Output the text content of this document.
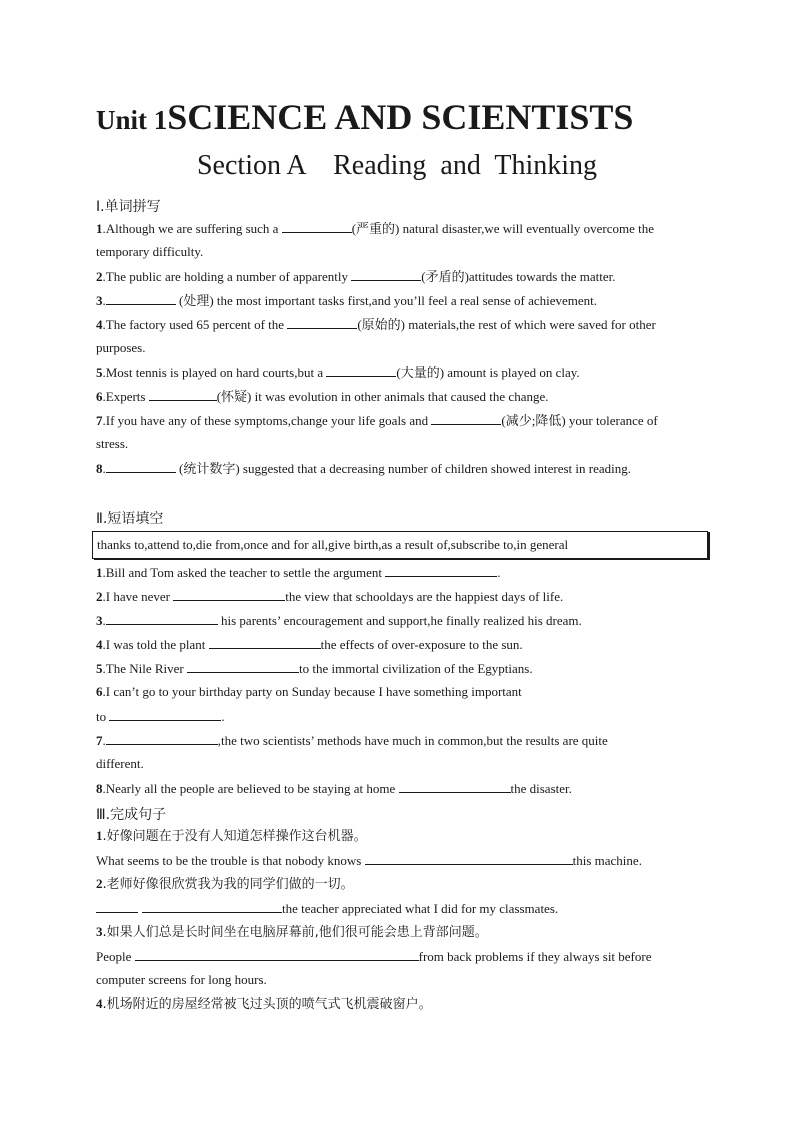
Unit 1SCIENCE AND SCIENTISTS
Section A    Reading  and  Thinking
Ⅰ.单词拼写
1.Although we are suffering such a	(严重的) natural disaster,we will eventually overcome the
temporary difficulty.
2.The public are holding a number of apparently	(矛盾的)attitudes towards the matter.
3.	(处理) the most important tasks first,and you’ll feel a real sense of achievement.
4.The factory used 65 percent of the	(原始的) materials,the rest of which were saved for other
purposes.
5.Most tennis is played on hard courts,but a	(大量的) amount is played on clay.
6.Experts	(怀疑) it was evolution in other animals that caused the change.
7.If you have any of these symptoms,change your life goals and	(减少;降低) your tolerance of
stress.
8.	(统计数字) suggested that a decreasing number of children showed interest in reading.
Ⅱ.短语填空
thanks to,attend to,die from,once and for all,give birth,as a result of,subscribe to,in general
1.Bill and Tom asked the teacher to settle the argument	.
2.I have never	the view that schooldays are the happiest days of life.
3.	his parents’ encouragement and support,he finally realized his dream.
4.I was told the plant	the effects of over-exposure to the sun.
5.The Nile River	to the immortal civilization of the Egyptians.
6.I can’t go to your birthday party on Sunday because I have something important
to	.
7.	,the two scientists’ methods have much in common,but the results are quite
different.
8.Nearly all the people are believed to be staying at home	the disaster.
Ⅲ.完成句子
1.好像问题在于没有人知道怎样操作这台机器。
What seems to be the trouble is that nobody knows	this machine.
2.老师好像很欣赏我为我的同学们做的一切。
the teacher appreciated what I did for my classmates.
3.如果人们总是长时间坐在电脑屏幕前,他们很可能会患上背部问题。
People	from back problems if they always sit before
computer screens for long hours.
4.机场附近的房屋经常被飞过头顶的喷气式飞机震破窗户。
